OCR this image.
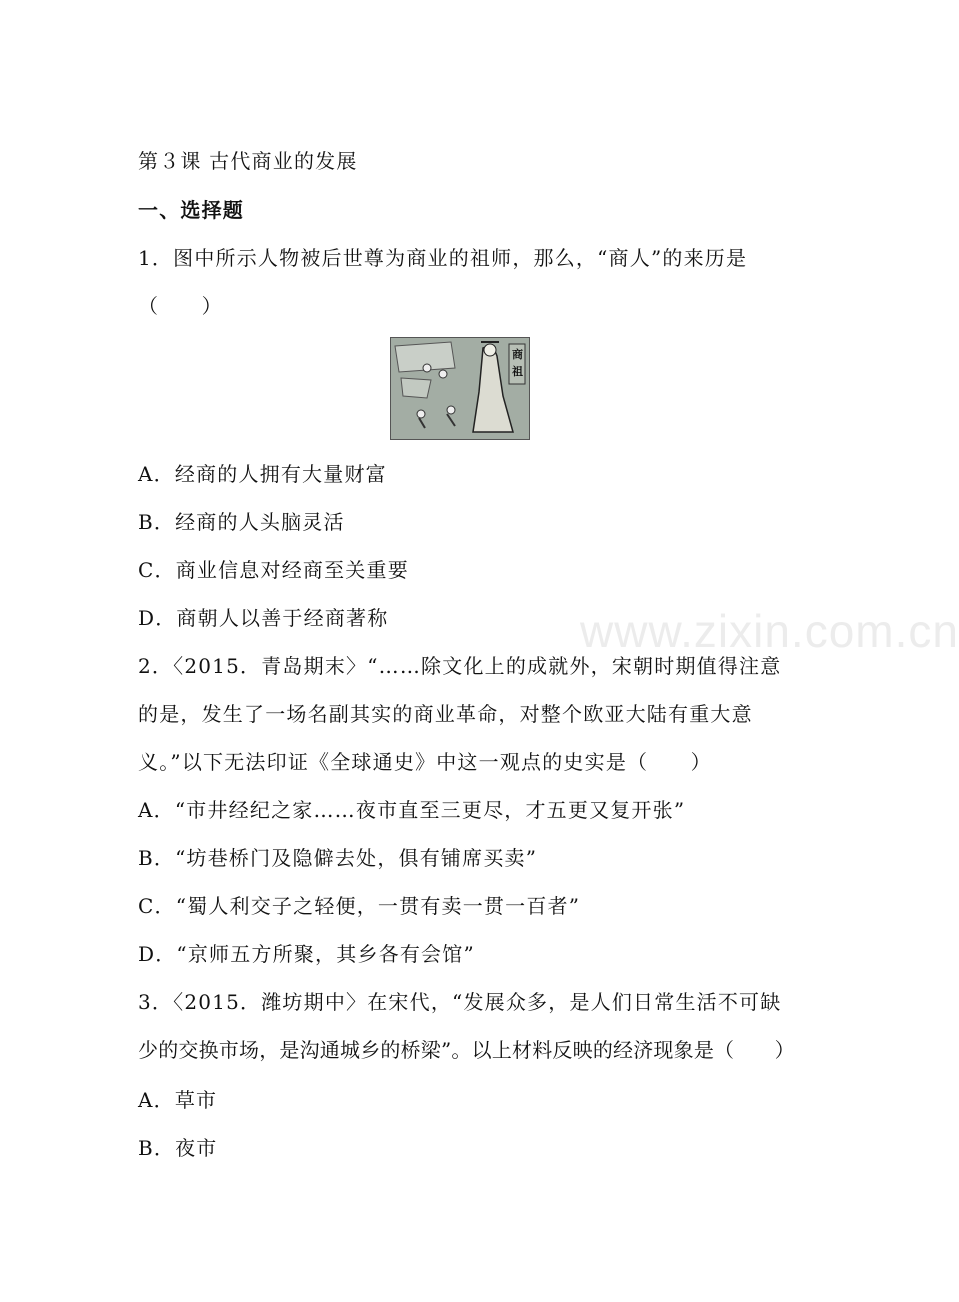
第３课 古代商业的发展

一、选择题

1．图中所示人物被后世尊为商业的祖师，那么，“商人”的来历是

（　　）

商祖

A．经商的人拥有大量财富

B．经商的人头脑灵活

C．商业信息对经商至关重要

D．商朝人以善于经商著称

2．〈2015．青岛期末〉“……除文化上的成就外，宋朝时期值得注意

的是，发生了一场名副其实的商业革命，对整个欧亚大陆有重大意

义。”以下无法印证《全球通史》中这一观点的史实是（　　）

A．“市井经纪之家……夜市直至三更尽，才五更又复开张”

B．“坊巷桥门及隐僻去处，俱有铺席买卖”

C．“蜀人利交子之轻便，一贯有卖一贯一百者”

D．“京师五方所聚，其乡各有会馆”

3．〈2015．潍坊期中〉在宋代，“发展众多，是人们日常生活不可缺

少的交换市场，是沟通城乡的桥梁”。以上材料反映的经济现象是（　　）

A．草市

B．夜市

www.zixin.com.cn
